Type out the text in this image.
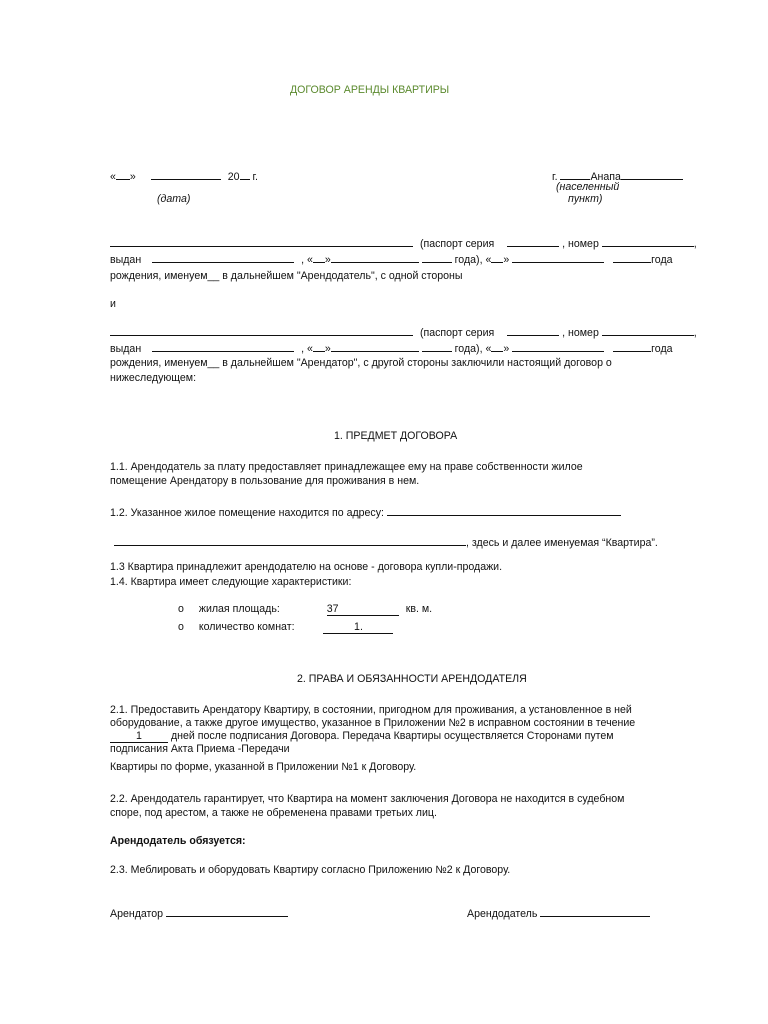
ДОГОВОР АРЕНДЫ КВАРТИРЫ
« »	20 г.
(дата)
г.	Анапа
(населенный
пункт)
(паспорт серия	, номер	,
выдан	, « »	года), « »	года
рождения, именуем__ в дальнейшем "Арендодатель", с одной стороны
и
(паспорт серия	, номер	,
выдан	, « »	года), « »	года
рождения, именуем__ в дальнейшем "Арендатор", с другой стороны заключили настоящий договор о
нижеследующем:
1. ПРЕДМЕТ ДОГОВОРА
1.1. Арендодатель за плату предоставляет принадлежащее ему на праве собственности жилое
помещение Арендатору в пользование для проживания в нем.
1.2. Указанное жилое помещение находится по адресу:
, здесь и далее именуемая “Квартира”.
1.3 Квартира принадлежит арендодателю на основе - договора купли-продажи.
1.4. Квартира имеет следующие характеристики:
o жилая площадь:	37	кв. м.
o количество комнат:	1.
2. ПРАВА И ОБЯЗАННОСТИ АРЕНДОДАТЕЛЯ
2.1. Предоставить Арендатору Квартиру, в состоянии, пригодном для проживания, а установленное в ней
оборудование, а также другое имущество, указанное в Приложении №2 в исправном состоянии в течение
1	дней после подписания Договора. Передача Квартиры осуществляется Сторонами путем
подписания Акта Приема -Передачи
Квартиры по форме, указанной в Приложении №1 к Договору.
2.2. Арендодатель гарантирует, что Квартира на момент заключения Договора не находится в судебном
споре, под арестом, а также не обременена правами третьих лиц.
Арендодатель обязуется:
2.3. Меблировать и оборудовать Квартиру согласно Приложению №2 к Договору.
Арендатор	Арендодатель
